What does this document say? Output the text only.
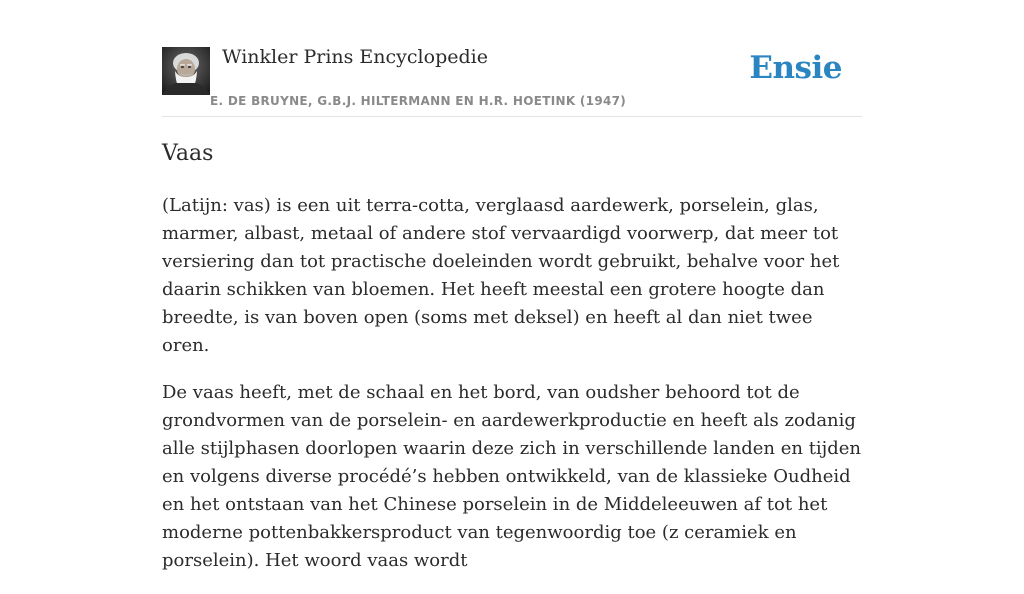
Winkler Prins Encyclopedie
E. DE BRUYNE, G.B.J. HILTERMANN EN H.R. HOETINK (1947)
Ensie
Vaas

(Latijn: vas) is een uit terra-cotta, verglaasd aardewerk, porselein, glas, marmer, albast, metaal of andere stof vervaardigd voorwerp, dat meer tot versiering dan tot practische doeleinden wordt gebruikt, behalve voor het daarin schikken van bloemen. Het heeft meestal een grotere hoogte dan breedte, is van boven open (soms met deksel) en heeft al dan niet twee oren.

De vaas heeft, met de schaal en het bord, van oudsher behoord tot de grondvormen van de porselein- en aardewerkproductie en heeft als zodanig alle stijlphasen doorlopen waarin deze zich in verschillende landen en tijden en volgens diverse procédé’s hebben ontwikkeld, van de klassieke Oudheid en het ontstaan van het Chinese porselein in de Middeleeuwen af tot het moderne pottenbakkersproduct van tegenwoordig toe (z ceramiek en porselein). Het woord vaas wordt
